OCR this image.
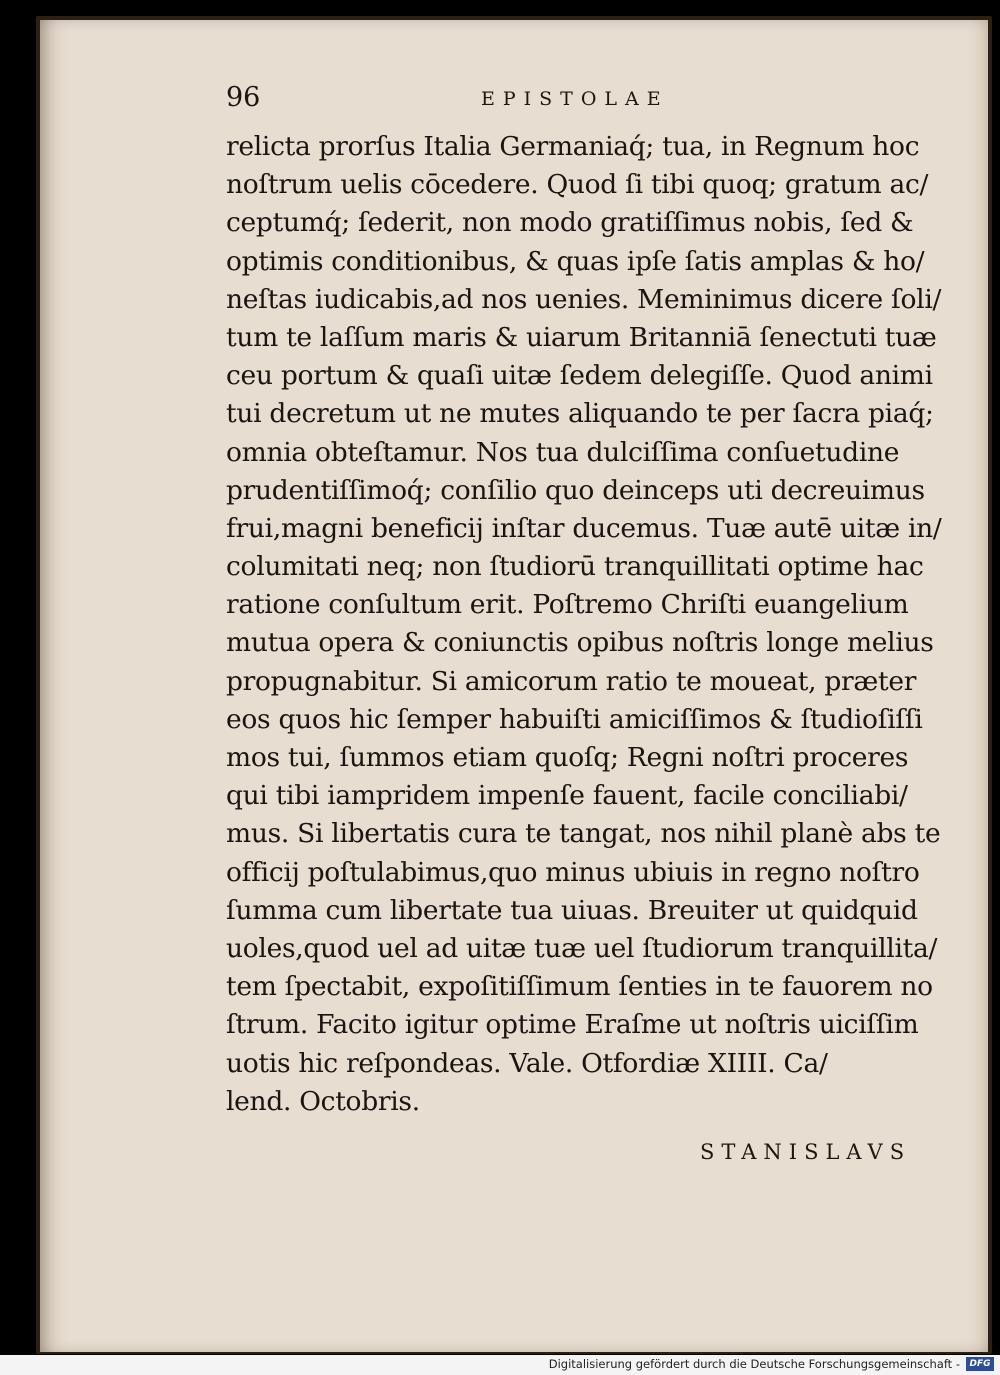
96	EPISTOLAE
relicta prorſus Italia Germaniaq́; tua, in Regnum hoc
noſtrum uelis cōcedere. Quod ſi tibi quoq; gratum ac/
ceptumq́; ſederit, non modo gratiſſimus nobis, ſed &
optimis conditionibus, & quas ipſe ſatis amplas & ho/
neſtas iudicabis,ad nos uenies. Meminimus dicere ſoli/
tum te laſſum maris & uiarum Britanniā ſenectuti tuæ
ceu portum & quaſi uitæ ſedem delegiſſe. Quod animi
tui decretum ut ne mutes aliquando te per ſacra piaq́;
omnia obteſtamur. Nos tua dulciſſima conſuetudine
prudentiſſimoq́; conſilio quo deinceps uti decreuimus
frui,magni beneficij inſtar ducemus. Tuæ autē uitæ in/
columitati neq; non ſtudiorū tranquillitati optime hac
ratione conſultum erit. Poſtremo Chriſti euangelium
mutua opera & coniunctis opibus noſtris longe melius
propugnabitur. Si amicorum ratio te moueat, præter
eos quos hic ſemper habuiſti amiciſſimos & ſtudioſiſſi
mos tui, ſummos etiam quoſq; Regni noſtri proceres
qui tibi iampridem impenſe fauent, facile conciliabi/
mus. Si libertatis cura te tangat, nos nihil planè abs te
officij poſtulabimus,quo minus ubiuis in regno noſtro
ſumma cum libertate tua uiuas. Breuiter ut quidquid
uoles,quod uel ad uitæ tuæ uel ſtudiorum tranquillita/
tem ſpectabit, expoſitiſſimum ſenties in te fauorem no
ſtrum. Facito igitur optime Eraſme ut noſtris uiciſſim
uotis hic reſpondeas. Vale. Otfordiæ XIIII. Ca/
lend. Octobris.
STANISLAVS
Digitalisierung gefördert durch die Deutsche Forschungsgemeinschaft -	DFG
